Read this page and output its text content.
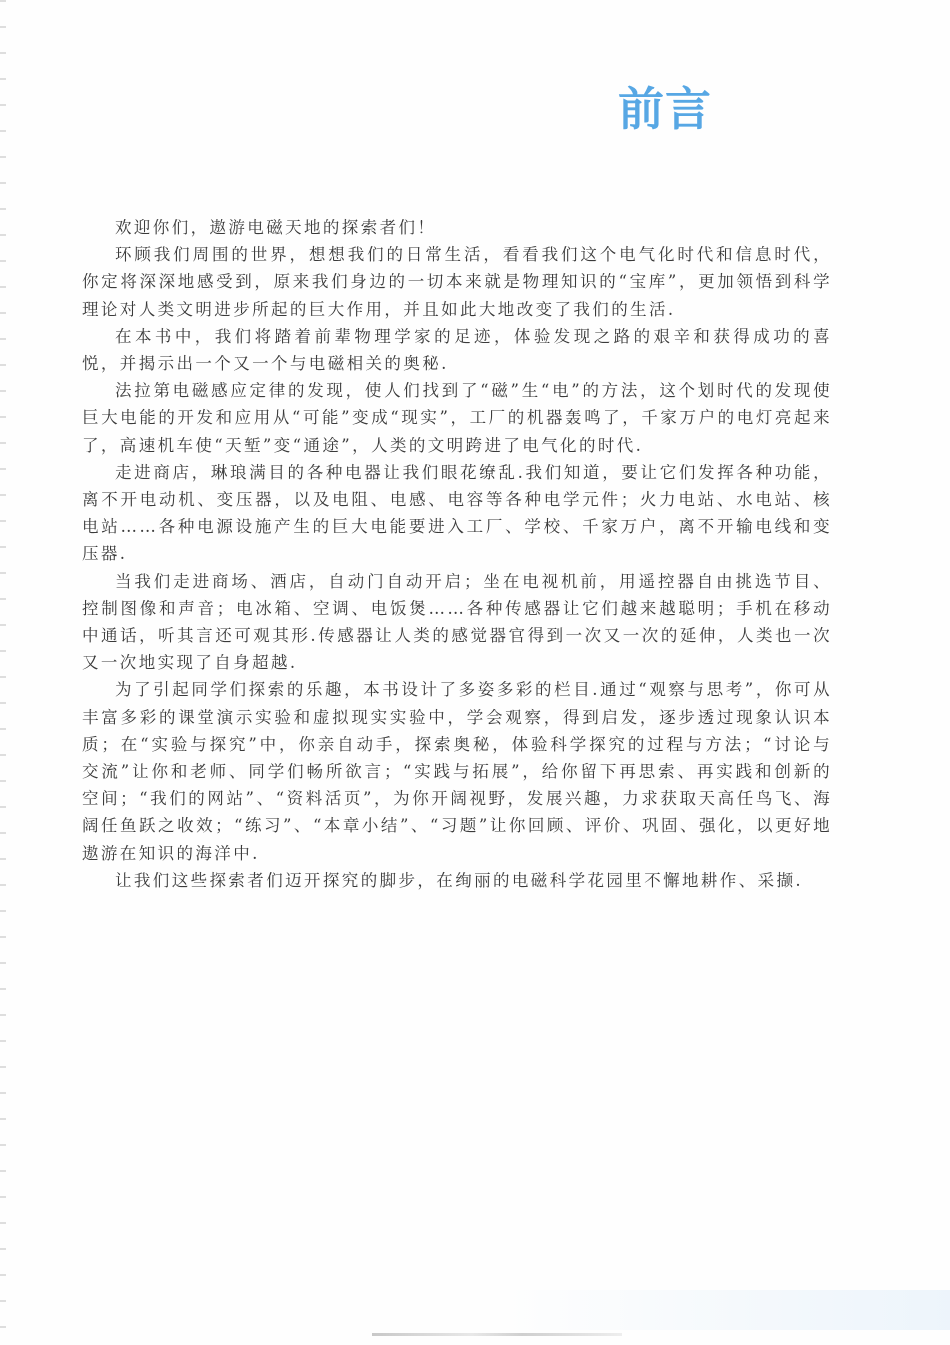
前言

欢迎你们，遨游电磁天地的探索者们！

环顾我们周围的世界，想想我们的日常生活，看看我们这个电气化时代和信息时代，你定将深深地感受到，原来我们身边的一切本来就是物理知识的“宝库”，更加领悟到科学理论对人类文明进步所起的巨大作用，并且如此大地改变了我们的生活.

在本书中，我们将踏着前辈物理学家的足迹，体验发现之路的艰辛和获得成功的喜悦，并揭示出一个又一个与电磁相关的奥秘.

法拉第电磁感应定律的发现，使人们找到了“磁”生“电”的方法，这个划时代的发现使巨大电能的开发和应用从“可能”变成“现实”，工厂的机器轰鸣了，千家万户的电灯亮起来了，高速机车使“天堑”变“通途”，人类的文明跨进了电气化的时代.

走进商店，琳琅满目的各种电器让我们眼花缭乱.我们知道，要让它们发挥各种功能，离不开电动机、变压器，以及电阻、电感、电容等各种电学元件；火力电站、水电站、核电站……各种电源设施产生的巨大电能要进入工厂、学校、千家万户，离不开输电线和变压器.

当我们走进商场、酒店，自动门自动开启；坐在电视机前，用遥控器自由挑选节目、控制图像和声音；电冰箱、空调、电饭煲……各种传感器让它们越来越聪明；手机在移动中通话，听其言还可观其形.传感器让人类的感觉器官得到一次又一次的延伸，人类也一次又一次地实现了自身超越.

为了引起同学们探索的乐趣，本书设计了多姿多彩的栏目.通过“观察与思考”，你可从丰富多彩的课堂演示实验和虚拟现实实验中，学会观察，得到启发，逐步透过现象认识本质；在“实验与探究”中，你亲自动手，探索奥秘，体验科学探究的过程与方法；“讨论与交流”让你和老师、同学们畅所欲言；“实践与拓展”，给你留下再思索、再实践和创新的空间；“我们的网站”、“资料活页”，为你开阔视野，发展兴趣，力求获取天高任鸟飞、海阔任鱼跃之收效；“练习”、“本章小结”、“习题”让你回顾、评价、巩固、强化，以更好地遨游在知识的海洋中.

让我们这些探索者们迈开探究的脚步，在绚丽的电磁科学花园里不懈地耕作、采撷.
